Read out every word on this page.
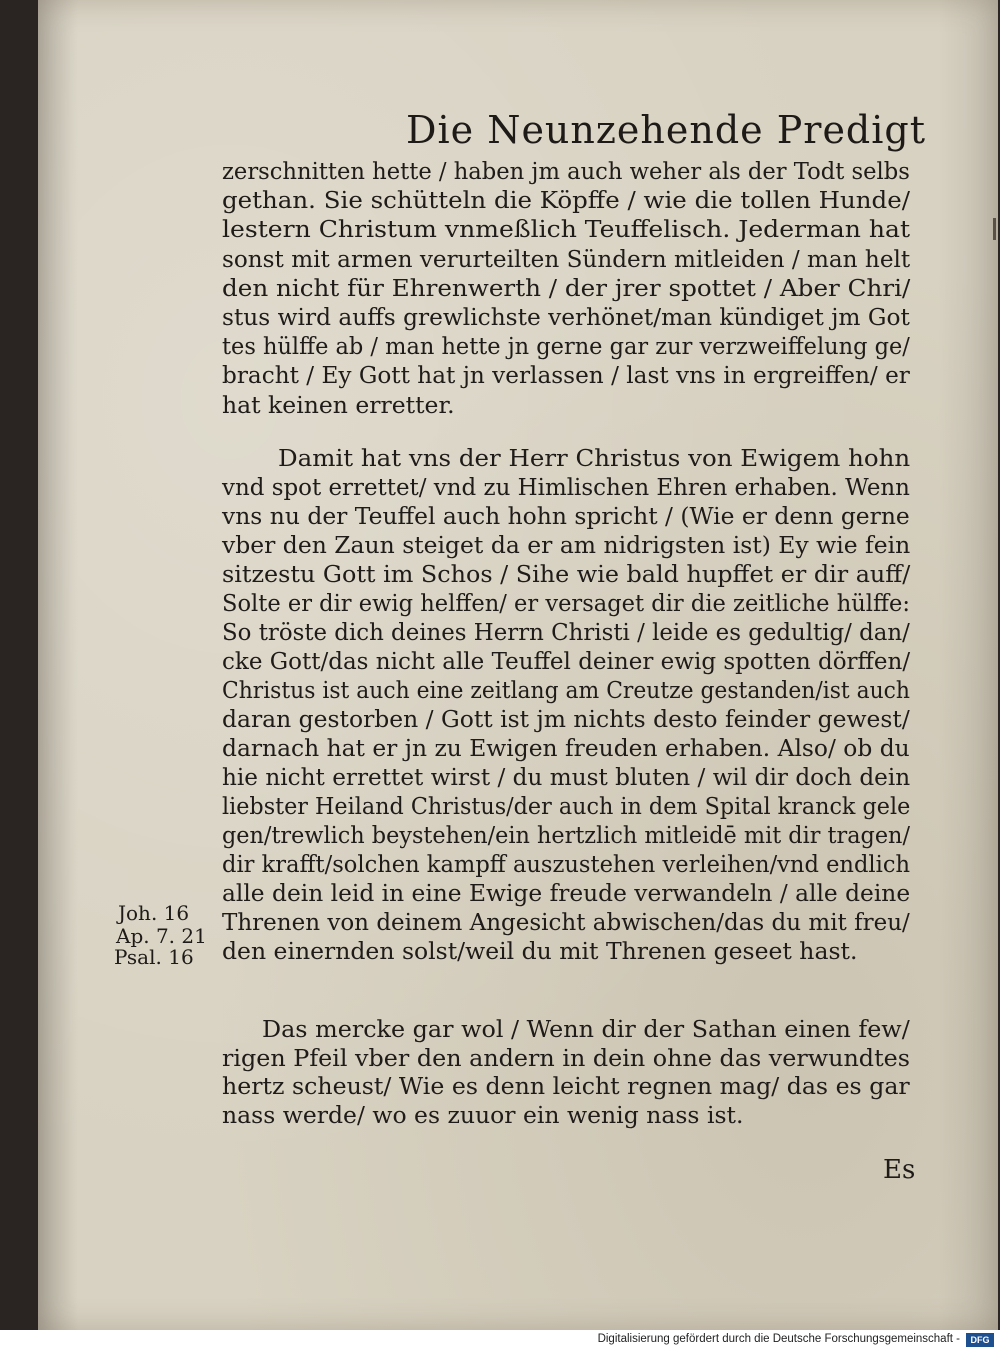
Die Neunzehende Predigt
zerschnitten hette / haben jm auch weher als der Todt selbs
gethan. Sie schütteln die Köpffe / wie die tollen Hunde/
lestern Christum vnmeßlich Teuffelisch. Jederman hat
sonst mit armen verurteilten Sündern mitleiden / man helt
den nicht für Ehrenwerth / der jrer spottet / Aber Chri/
stus wird auffs grewlichste verhönet/man kündiget jm Got
tes hülffe ab / man hette jn gerne gar zur verzweiffelung ge/
bracht / Ey Gott hat jn verlassen / last vns in ergreiffen/ er
hat keinen erretter.
Damit hat vns der Herr Christus von Ewigem hohn
vnd spot errettet/ vnd zu Himlischen Ehren erhaben. Wenn
vns nu der Teuffel auch hohn spricht / (Wie er denn gerne
vber den Zaun steiget da er am nidrigsten ist) Ey wie fein
sitzestu Gott im Schos / Sihe wie bald hupffet er dir auff/
Solte er dir ewig helffen/ er versaget dir die zeitliche hülffe:
So tröste dich deines Herrn Christi / leide es gedultig/ dan/
cke Gott/das nicht alle Teuffel deiner ewig spotten dörffen/
Christus ist auch eine zeitlang am Creutze gestanden/ist auch
daran gestorben / Gott ist jm nichts desto feinder gewest/
darnach hat er jn zu Ewigen freuden erhaben. Also/ ob du
hie nicht errettet wirst / du must bluten / wil dir doch dein
liebster Heiland Christus/der auch in dem Spital kranck gele
gen/trewlich beystehen/ein hertzlich mitleidē mit dir tragen/
dir krafft/solchen kampff auszustehen verleihen/vnd endlich
alle dein leid in eine Ewige freude verwandeln / alle deine
Threnen von deinem Angesicht abwischen/das du mit freu/
den einernden solst/weil du mit Threnen geseet hast.
Das mercke gar wol / Wenn dir der Sathan einen few/
rigen Pfeil vber den andern in dein ohne das verwundtes
hertz scheust/ Wie es denn leicht regnen mag/ das es gar
nass werde/ wo es zuuor ein wenig nass ist.
Joh. 16
Ap. 7. 21
Psal. 16
Es
Digitalisierung gefördert durch die Deutsche Forschungsgemeinschaft -	DFG
